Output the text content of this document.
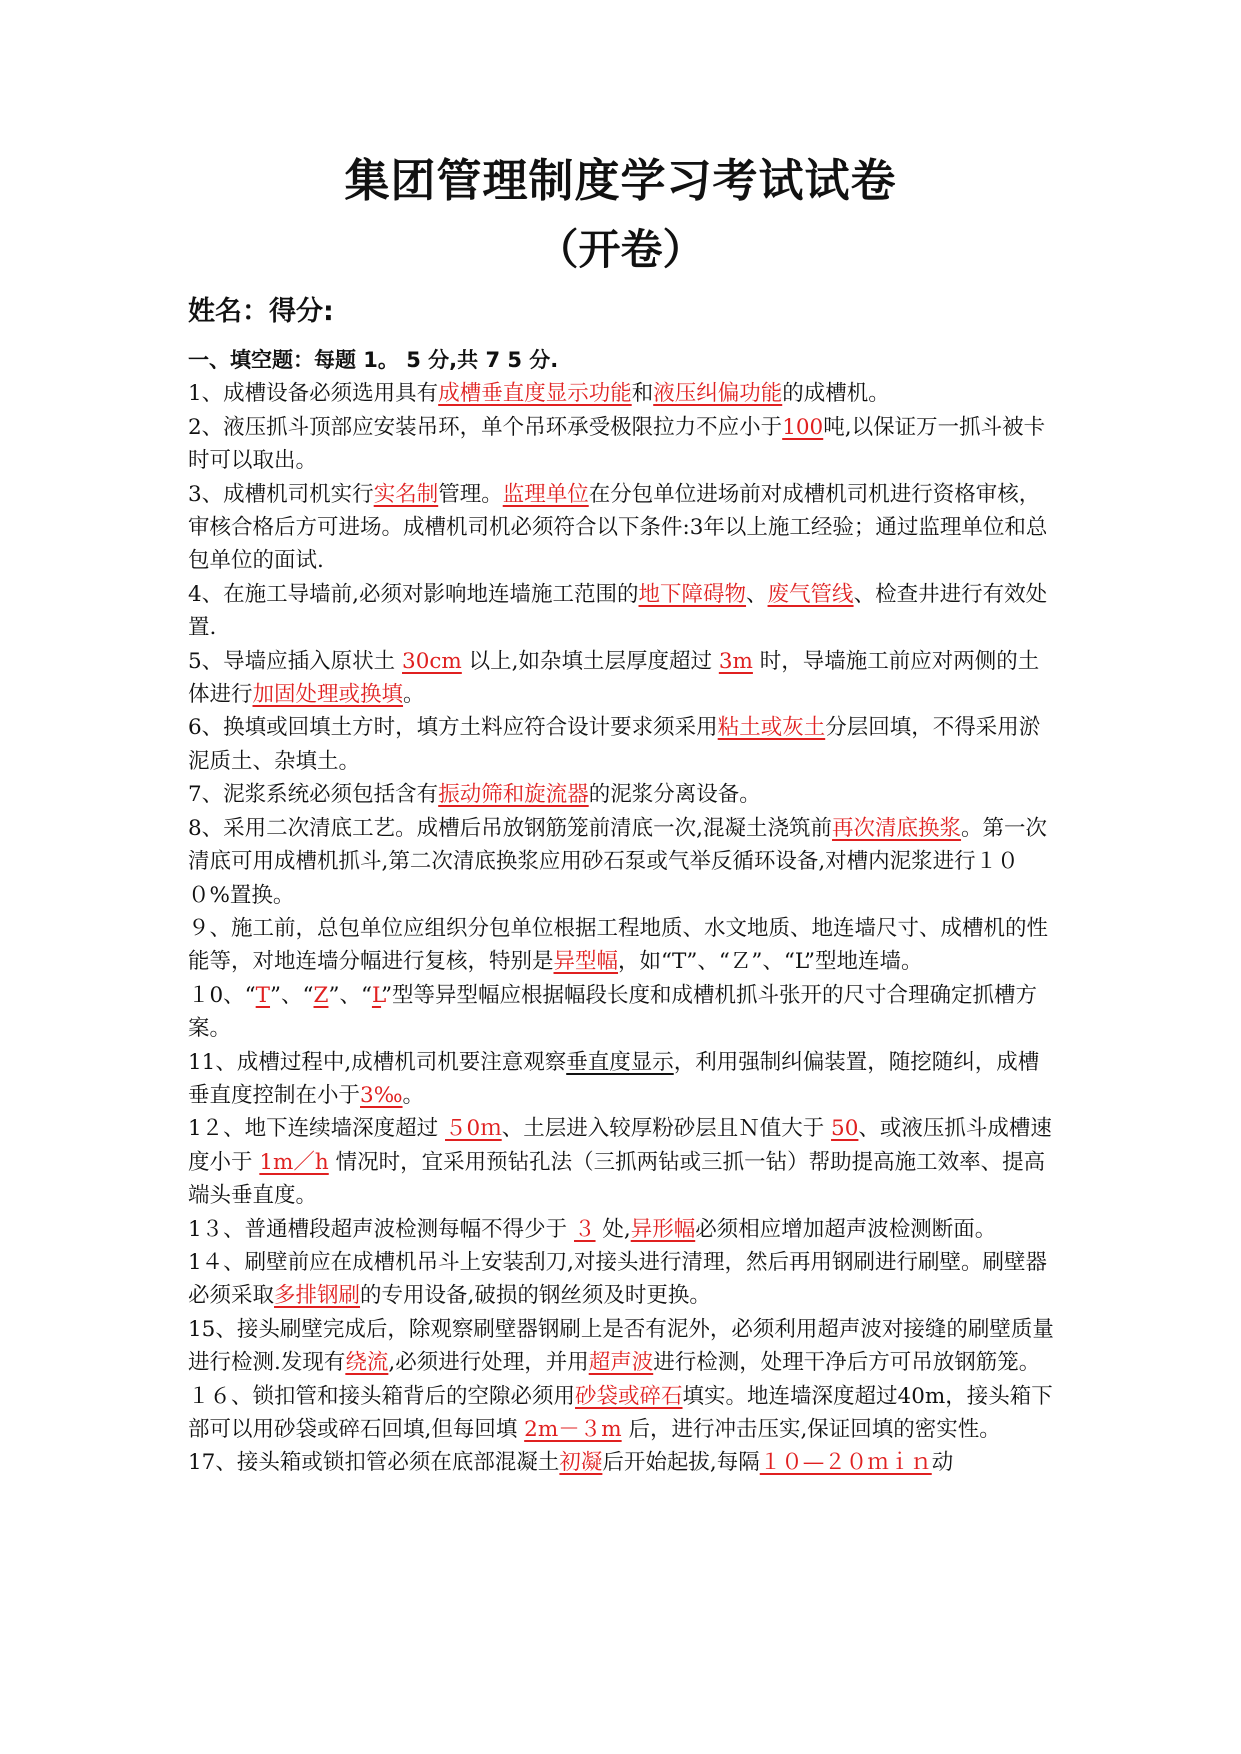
集团管理制度学习考试试卷
（开卷）
姓名：得分:
一、填空题：每题 1。 5 分,共 7 5 分.

1、成槽设备必须选用具有成槽垂直度显示功能和液压纠偏功能的成槽机。

2、液压抓斗顶部应安装吊环，单个吊环承受极限拉力不应小于100吨,以保证万一抓斗被卡时可以取出。

3、成槽机司机实行实名制管理。监理单位在分包单位进场前对成槽机司机进行资格审核，审核合格后方可进场。成槽机司机必须符合以下条件:3年以上施工经验；通过监理单位和总包单位的面试.

4、在施工导墙前,必须对影响地连墙施工范围的地下障碍物、废气管线、检查井进行有效处置.

5、导墙应插入原状土 30cm 以上,如杂填土层厚度超过 3m 时，导墙施工前应对两侧的土体进行加固处理或换填。

6、换填或回填土方时，填方土料应符合设计要求须采用粘土或灰土分层回填，不得采用淤泥质土、杂填土。

7、泥浆系统必须包括含有振动筛和旋流器的泥浆分离设备。

8、采用二次清底工艺。成槽后吊放钢筋笼前清底一次,混凝土浇筑前再次清底换浆。第一次清底可用成槽机抓斗,第二次清底换浆应用砂石泵或气举反循环设备,对槽内泥浆进行１００%置换。

９、施工前，总包单位应组织分包单位根据工程地质、水文地质、地连墙尺寸、成槽机的性能等，对地连墙分幅进行复核，特别是异型幅，如“T”、“Ｚ”、“L”型地连墙。

１0、“T”、“Z”、“L”型等异型幅应根据幅段长度和成槽机抓斗张开的尺寸合理确定抓槽方案。

11、成槽过程中,成槽机司机要注意观察垂直度显示，利用强制纠偏装置，随挖随纠，成槽垂直度控制在小于3‰。

1２、地下连续墙深度超过 ５0ｍ、土层进入较厚粉砂层且Ｎ值大于 50、或液压抓斗成槽速度小于 1m／h 情况时，宜采用预钻孔法（三抓两钻或三抓一钻）帮助提高施工效率、提高端头垂直度。

1３、普通槽段超声波检测每幅不得少于 ３ 处,异形幅必须相应增加超声波检测断面。

1４、刷壁前应在成槽机吊斗上安装刮刀,对接头进行清理，然后再用钢刷进行刷壁。刷壁器必须采取多排钢刷的专用设备,破损的钢丝须及时更换。

15、接头刷壁完成后，除观察刷壁器钢刷上是否有泥外，必须利用超声波对接缝的刷壁质量进行检测.发现有绕流,必须进行处理，并用超声波进行检测，处理干净后方可吊放钢筋笼。

１６、锁扣管和接头箱背后的空隙必须用砂袋或碎石填实。地连墙深度超过40m，接头箱下部可以用砂袋或碎石回填,但每回填 2m－３m 后，进行冲击压实,保证回填的密实性。

17、接头箱或锁扣管必须在底部混凝土初凝后开始起拔,每隔１０—２０ｍｉｎ动
